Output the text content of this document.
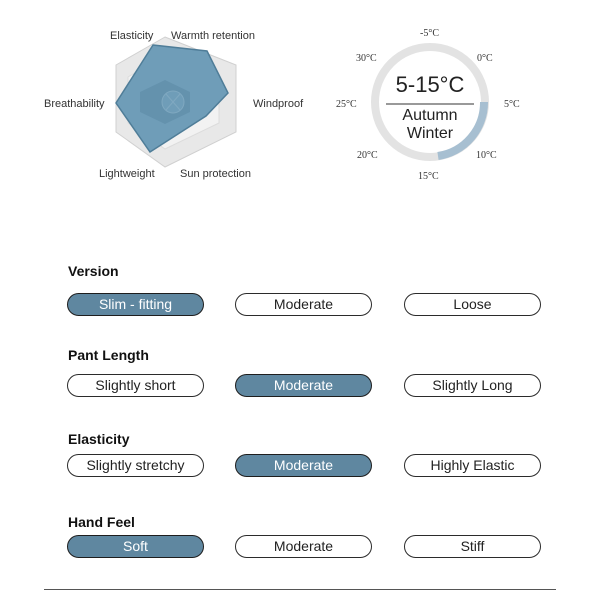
Elasticity Warmth retention
Windproof
Sun protection
Lightweight
Breathability
5-15°C
Autumn
Winter
-5°C
0°C
5°C
10°C
15°C
20°C
25°C
30°C
Version
Slim - fitting	Moderate	Loose
Pant Length
Slightly short	Moderate	Slightly Long
Elasticity
Slightly stretchy	Moderate	Highly Elastic
Hand Feel
Soft	Moderate	Stiff
